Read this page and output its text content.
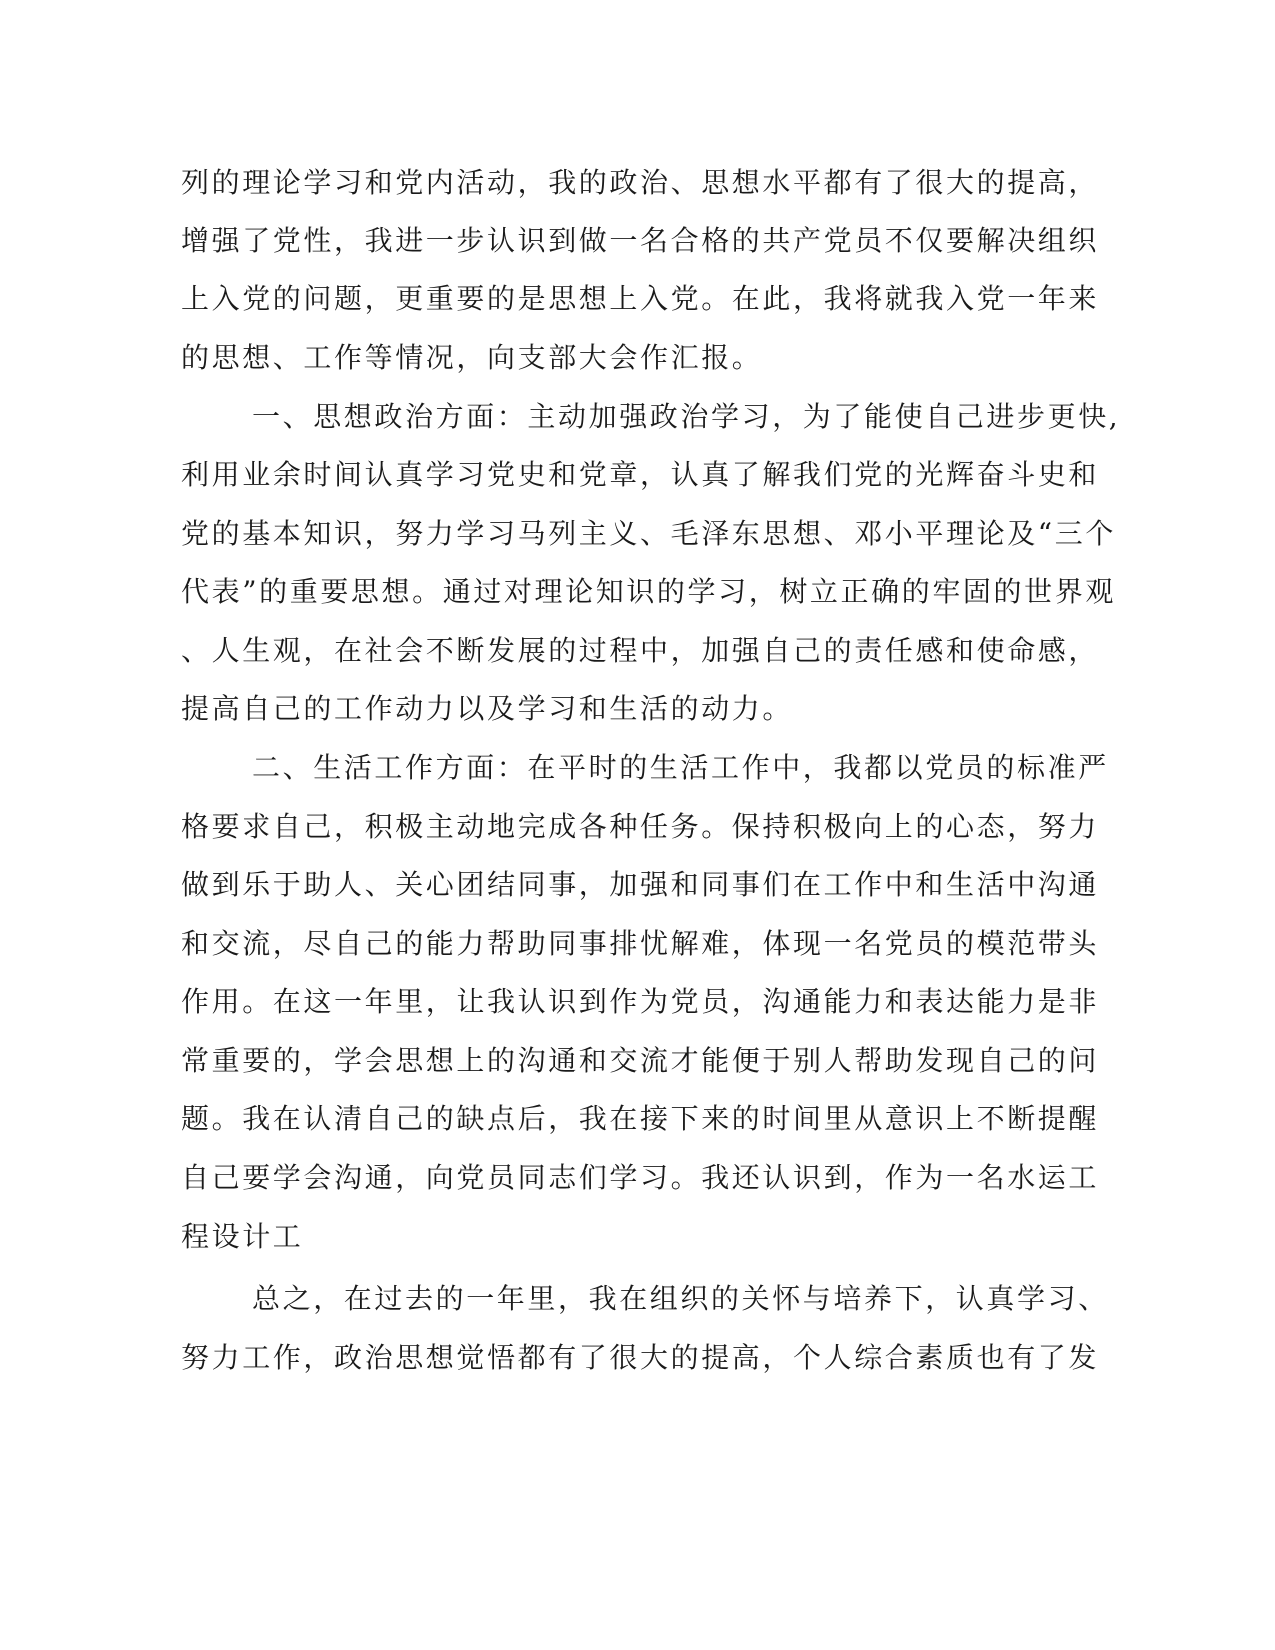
列的理论学习和党内活动，我的政治、思想水平都有了很大的提高，
增强了党性，我进一步认识到做一名合格的共产党员不仅要解决组织
上入党的问题，更重要的是思想上入党。在此，我将就我入党一年来
的思想、工作等情况，向支部大会作汇报。
一、思想政治方面：主动加强政治学习，为了能使自己进步更快,
利用业余时间认真学习党史和党章，认真了解我们党的光辉奋斗史和
党的基本知识，努力学习马列主义、毛泽东思想、邓小平理论及“三个
代表”的重要思想。通过对理论知识的学习，树立正确的牢固的世界观
、人生观，在社会不断发展的过程中，加强自己的责任感和使命感，
提高自己的工作动力以及学习和生活的动力。
二、生活工作方面：在平时的生活工作中，我都以党员的标准严
格要求自己，积极主动地完成各种任务。保持积极向上的心态，努力
做到乐于助人、关心团结同事，加强和同事们在工作中和生活中沟通
和交流，尽自己的能力帮助同事排忧解难，体现一名党员的模范带头
作用。在这一年里，让我认识到作为党员，沟通能力和表达能力是非
常重要的，学会思想上的沟通和交流才能便于别人帮助发现自己的问
题。我在认清自己的缺点后，我在接下来的时间里从意识上不断提醒
自己要学会沟通，向党员同志们学习。我还认识到，作为一名水运工
程设计工
总之，在过去的一年里，我在组织的关怀与培养下，认真学习、
努力工作，政治思想觉悟都有了很大的提高，个人综合素质也有了发
